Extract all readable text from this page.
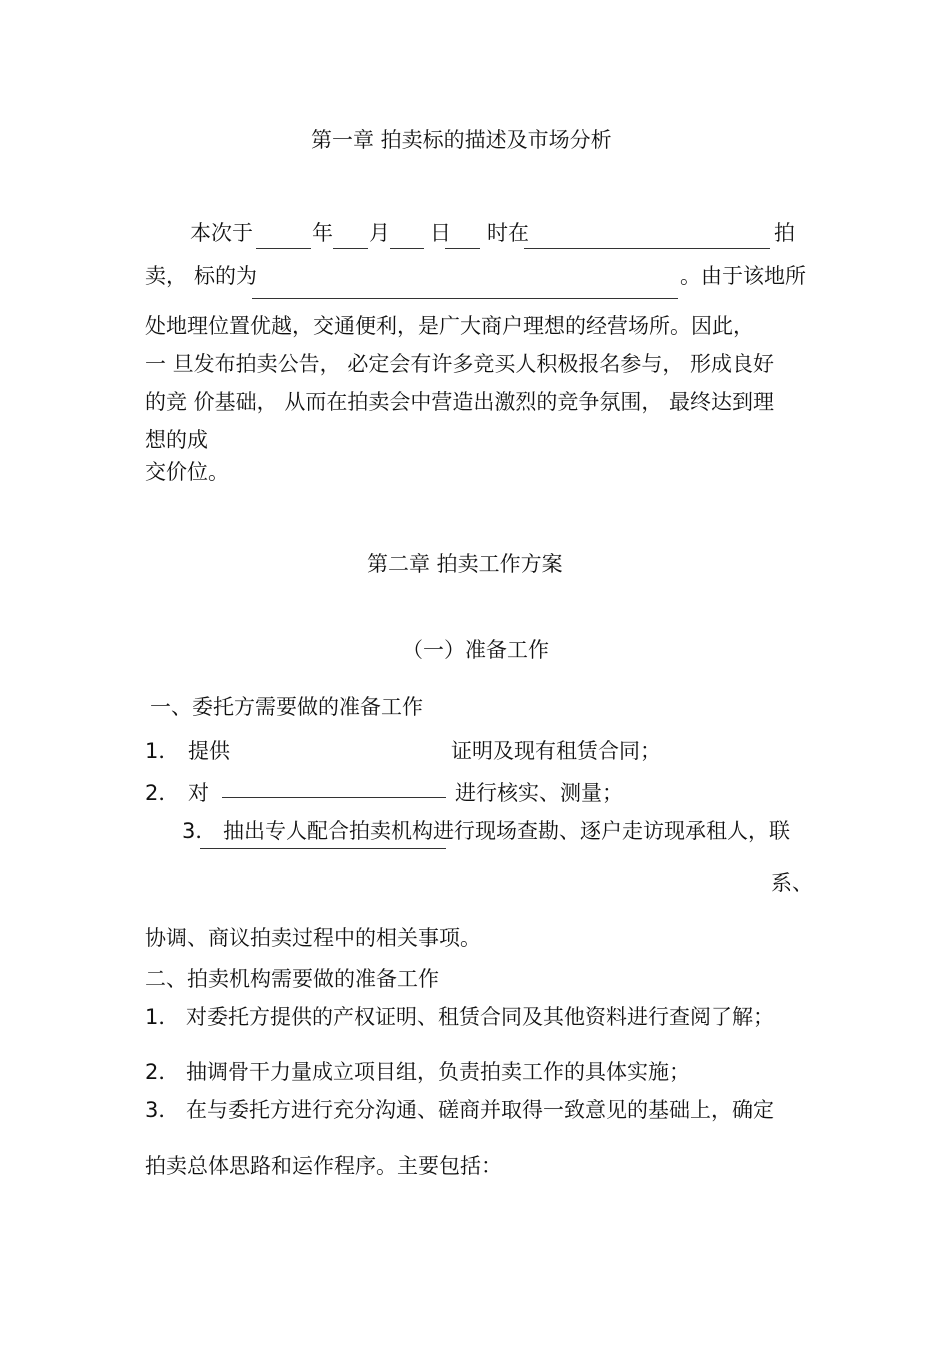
第一章 拍卖标的描述及市场分析
本次于	年 月 日 时在	拍
卖， 标的为	。由于该地所
处地理位置优越，交通便利，是广大商户理想的经营场所。因此，
一 旦发布拍卖公告， 必定会有许多竞买人积极报名参与， 形成良好
的竞 价基础， 从而在拍卖会中营造出激烈的竞争氛围， 最终达到理
想的成
交价位。
第二章 拍卖工作方案
（一）准备工作
一、委托方需要做的准备工作
1． 提供	证明及现有租赁合同；
2． 对	进行核实、测量；
3． 抽出专人配合拍卖机构进行现场查勘、逐户走访现承租人，联
系、
协调、商议拍卖过程中的相关事项。
二、拍卖机构需要做的准备工作
1． 对委托方提供的产权证明、租赁合同及其他资料进行查阅了解；
2． 抽调骨干力量成立项目组，负责拍卖工作的具体实施；
3． 在与委托方进行充分沟通、磋商并取得一致意见的基础上，确定
拍卖总体思路和运作程序。主要包括：
